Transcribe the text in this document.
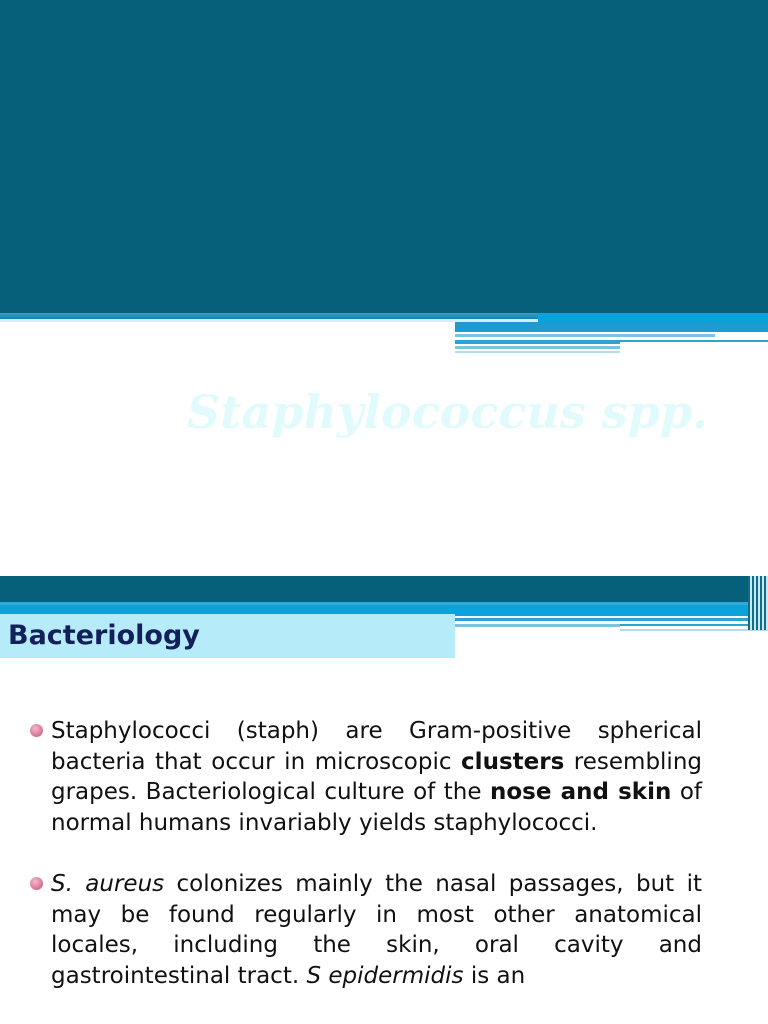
Staphylococcus spp.
Bacteriology

Staphylococci (staph) are Gram-positive spherical bacteria that occur in microscopic clusters resembling grapes. Bacteriological culture of the nose and skin of normal humans invariably yields staphylococci.

S. aureus colonizes mainly the nasal passages, but it may be found regularly in most other anatomical locales, including the skin, oral cavity and gastrointestinal tract. S epidermidis is an
